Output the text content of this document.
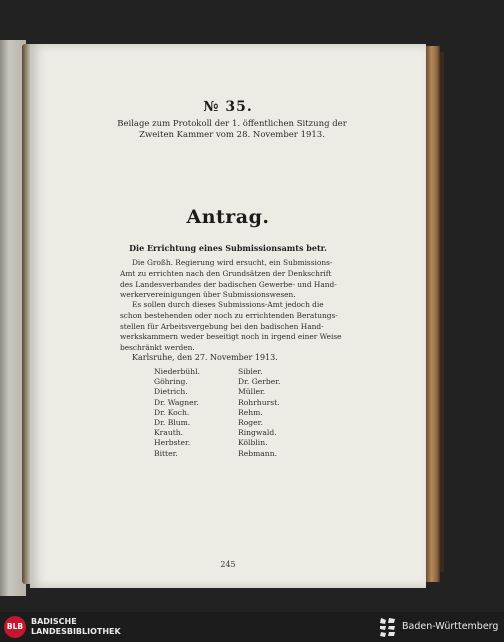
№ 35.
Beilage zum Protokoll der 1. öffentlichen Sitzung der
Zweiten Kammer vom 28. November 1913.
Antrag.
Die Errichtung eines Submissionsamts betr.

Die Großh. Regierung wird ersucht, ein Submissions-
Amt zu errichten nach den Grundsätzen der Denkschrift
des Landesverbandes der badischen Gewerbe- und Hand-
werkervereinigungen über Submissionswesen.

Es sollen durch dieses Submissions-Amt jedoch die
schon bestehenden oder noch zu errichtenden Beratungs-
stellen für Arbeitsvergebung bei den badischen Hand-
werkskammern weder beseitigt noch in irgend einer Weise
beschränkt werden.

Karlsruhe, den 27. November 1913.
Niederbühl.
Göhring.
Dietrich.
Dr. Wagner.
Dr. Koch.
Dr. Blum.
Krauth.
Herbster.
Bitter.
Sibler.
Dr. Gerber.
Müller.
Rohrhurst.
Rehm.
Roger.
Ringwald.
Kölblin.
Rebmann.
245
BLB
BADISCHE
LANDESBIBLIOTHEK	Baden-Württemberg
